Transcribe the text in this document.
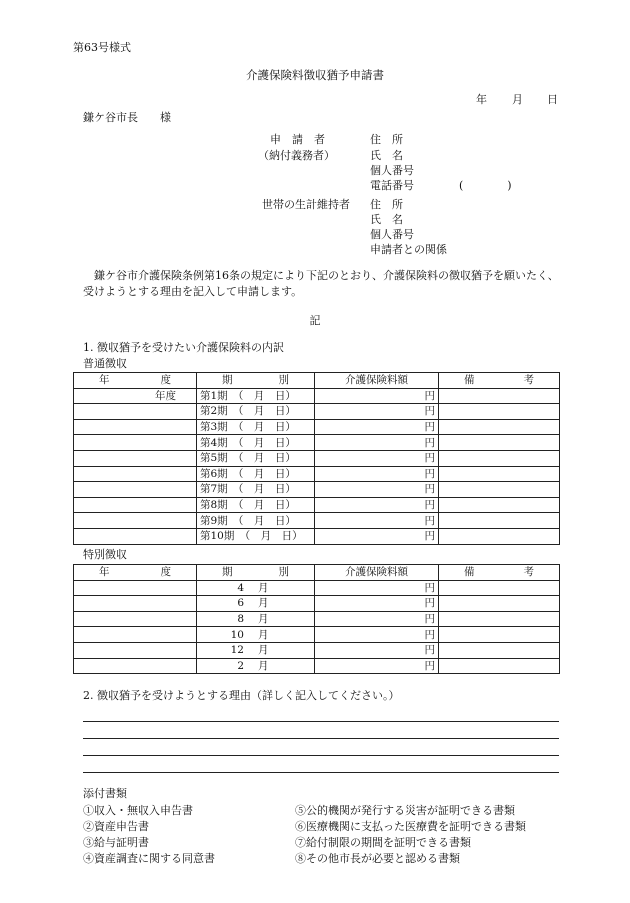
第63号様式
介護保険料徴収猶予申請書
年 月 日
鎌ケ谷市長　　様
申　請　者
（納付義務者）
住　所
氏　名
個人番号
電話番号	(　　　　)
世帯の生計維持者 住　所
氏　名
個人番号
申請者との関係
　鎌ケ谷市介護保険条例第16条の規定により下記のとおり、介護保険料の徴収猶予を願いたく、受けようとする理由を記入して申請します。
記
1. 徴収猶予を受けたい介護保険料の内訳
普通徴収
年 度	期 別	介護保険料額	備 考

年度	第1期　（　月　日）	円	
	第2期　（　月　日）	円	
	第3期　（　月　日）	円	
	第4期　（　月　日）	円	
	第5期　（　月　日）	円	
	第6期　（　月　日）	円	
	第7期　（　月　日）	円	
	第8期　（　月　日）	円	
	第9期　（　月　日）	円	
	第10期　（　月　日）	円	
特別徴収
年 度	期 別	介護保険料額	備 考

	4 月	円	
	6 月	円	
	8 月	円	
	10 月	円	
	12 月	円	
	2 月	円	
2. 徴収猶予を受けようとする理由（詳しく記入してください。）
添付書類
①収入・無収入申告書
②資産申告書
③給与証明書
④資産調査に関する同意書
⑤公的機関が発行する災害が証明できる書類
⑥医療機関に支払った医療費を証明できる書類
⑦給付制限の期間を証明できる書類
⑧その他市長が必要と認める書類
